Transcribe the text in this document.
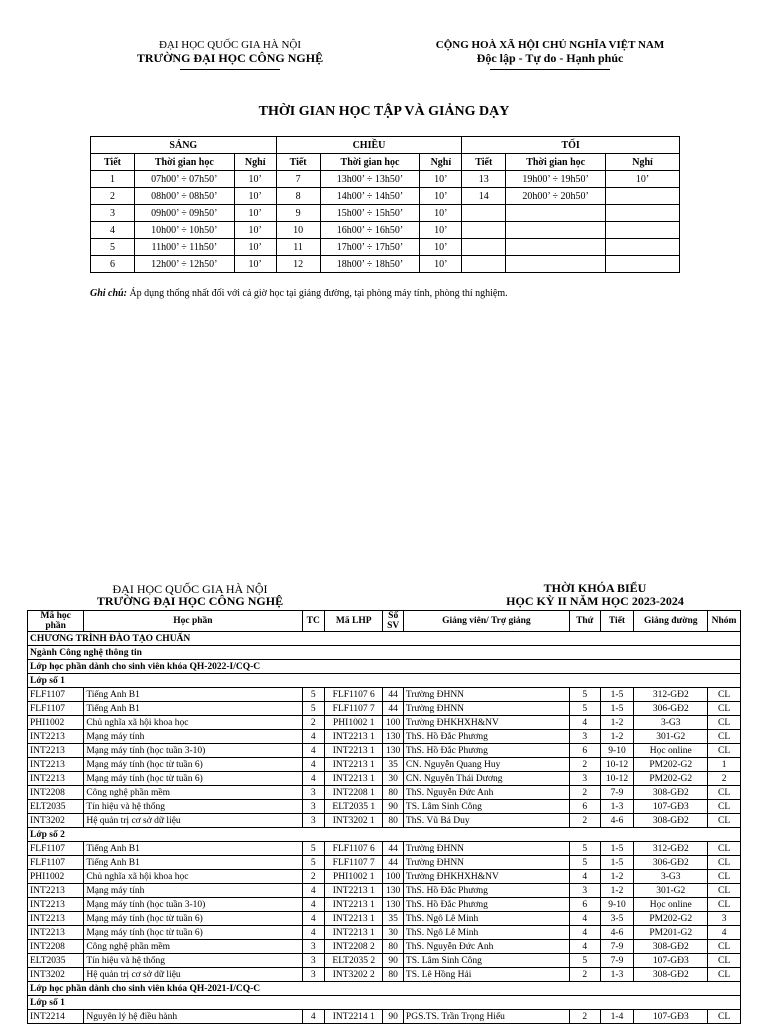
ĐẠI HỌC QUỐC GIA HÀ NỘI
TRƯỜNG ĐẠI HỌC CÔNG NGHỆ
CỘNG HOÀ XÃ HỘI CHỦ NGHĨA VIỆT NAM
Độc lập - Tự do - Hạnh phúc
THỜI GIAN HỌC TẬP VÀ GIẢNG DẠY
SÁNG			CHIỀU			TỐI		
Tiết	Thời gian học	Nghỉ	Tiết	Thời gian học	Nghỉ	Tiết	Thời gian học	Nghỉ
1	07h00’ ÷ 07h50’	10’	7	13h00’ ÷ 13h50’	10’	13	19h00’ ÷ 19h50’	10’
2	08h00’ ÷ 08h50’	10’	8	14h00’ ÷ 14h50’	10’	14	20h00’ ÷ 20h50’	
3	09h00’ ÷ 09h50’	10’	9	15h00’ ÷ 15h50’	10’			
4	10h00’ ÷ 10h50’	10’	10	16h00’ ÷ 16h50’	10’			
5	11h00’ ÷ 11h50’	10’	11	17h00’ ÷ 17h50’	10’			
6	12h00’ ÷ 12h50’	10’	12	18h00’ ÷ 18h50’	10’			
Ghi chú: Áp dụng thống nhất đối với cả giờ học tại giảng đường, tại phòng máy tính, phòng thí nghiệm.
ĐẠI HỌC QUỐC GIA HÀ NỘI
TRƯỜNG ĐẠI HỌC CÔNG NGHỆ
THỜI KHÓA BIỂU
HỌC KỲ II NĂM HỌC 2023-2024
Mã học phần	Học phần	TC	Mã LHP	Số SV	Giảng viên/ Trợ giảng	Thứ	Tiết	Giảng đường	Nhóm
CHƯƠNG TRÌNH ĐÀO TẠO CHUẨN									
Ngành Công nghệ thông tin									
Lớp học phần dành cho sinh viên khóa QH-2022-I/CQ-C									
Lớp số 1									
FLF1107	Tiếng Anh B1	5	FLF1107 6	44	Trường ĐHNN	5	1-5	312-GĐ2	CL
FLF1107	Tiếng Anh B1	5	FLF1107 7	44	Trường ĐHNN	5	1-5	306-GĐ2	CL
PHI1002	Chủ nghĩa xã hội khoa học	2	PHI1002 1	100	Trường ĐHKHXH&NV	4	1-2	3-G3	CL
INT2213	Mạng máy tính	4	INT2213 1	130	ThS. Hồ Đắc Phương	3	1-2	301-G2	CL
INT2213	Mạng máy tính (học tuần 3-10)	4	INT2213 1	130	ThS. Hồ Đắc Phương	6	9-10	Học online	CL
INT2213	Mạng máy tính (học từ tuần 6)	4	INT2213 1	35	CN. Nguyễn Quang Huy	2	10-12	PM202-G2	1
INT2213	Mạng máy tính (học từ tuần 6)	4	INT2213 1	30	CN. Nguyễn Thái Dương	3	10-12	PM202-G2	2
INT2208	Công nghệ phần mềm	3	INT2208 1	80	ThS. Nguyễn Đức Anh	2	7-9	308-GĐ2	CL
ELT2035	Tín hiệu và hệ thống	3	ELT2035 1	90	TS. Lâm Sinh Công	6	1-3	107-GĐ3	CL
INT3202	Hệ quản trị cơ sở dữ liệu	3	INT3202 1	80	ThS. Vũ Bá Duy	2	4-6	308-GĐ2	CL
Lớp số 2									
FLF1107	Tiếng Anh B1	5	FLF1107 6	44	Trường ĐHNN	5	1-5	312-GĐ2	CL
FLF1107	Tiếng Anh B1	5	FLF1107 7	44	Trường ĐHNN	5	1-5	306-GĐ2	CL
PHI1002	Chủ nghĩa xã hội khoa học	2	PHI1002 1	100	Trường ĐHKHXH&NV	4	1-2	3-G3	CL
INT2213	Mạng máy tính	4	INT2213 1	130	ThS. Hồ Đắc Phương	3	1-2	301-G2	CL
INT2213	Mạng máy tính (học tuần 3-10)	4	INT2213 1	130	ThS. Hồ Đắc Phương	6	9-10	Học online	CL
INT2213	Mạng máy tính (học từ tuần 6)	4	INT2213 1	35	ThS. Ngô Lê Minh	4	3-5	PM202-G2	3
INT2213	Mạng máy tính (học từ tuần 6)	4	INT2213 1	30	ThS. Ngô Lê Minh	4	4-6	PM201-G2	4
INT2208	Công nghệ phần mềm	3	INT2208 2	80	ThS. Nguyễn Đức Anh	4	7-9	308-GĐ2	CL
ELT2035	Tín hiệu và hệ thống	3	ELT2035 2	90	TS. Lâm Sinh Công	5	7-9	107-GĐ3	CL
INT3202	Hệ quản trị cơ sở dữ liệu	3	INT3202 2	80	TS. Lê Hồng Hải	2	1-3	308-GĐ2	CL
Lớp học phần dành cho sinh viên khóa QH-2021-I/CQ-C									
Lớp số 1									
INT2214	Nguyên lý hệ điều hành	4	INT2214 1	90	PGS.TS. Trần Trọng Hiếu	2	1-4	107-GĐ3	CL
